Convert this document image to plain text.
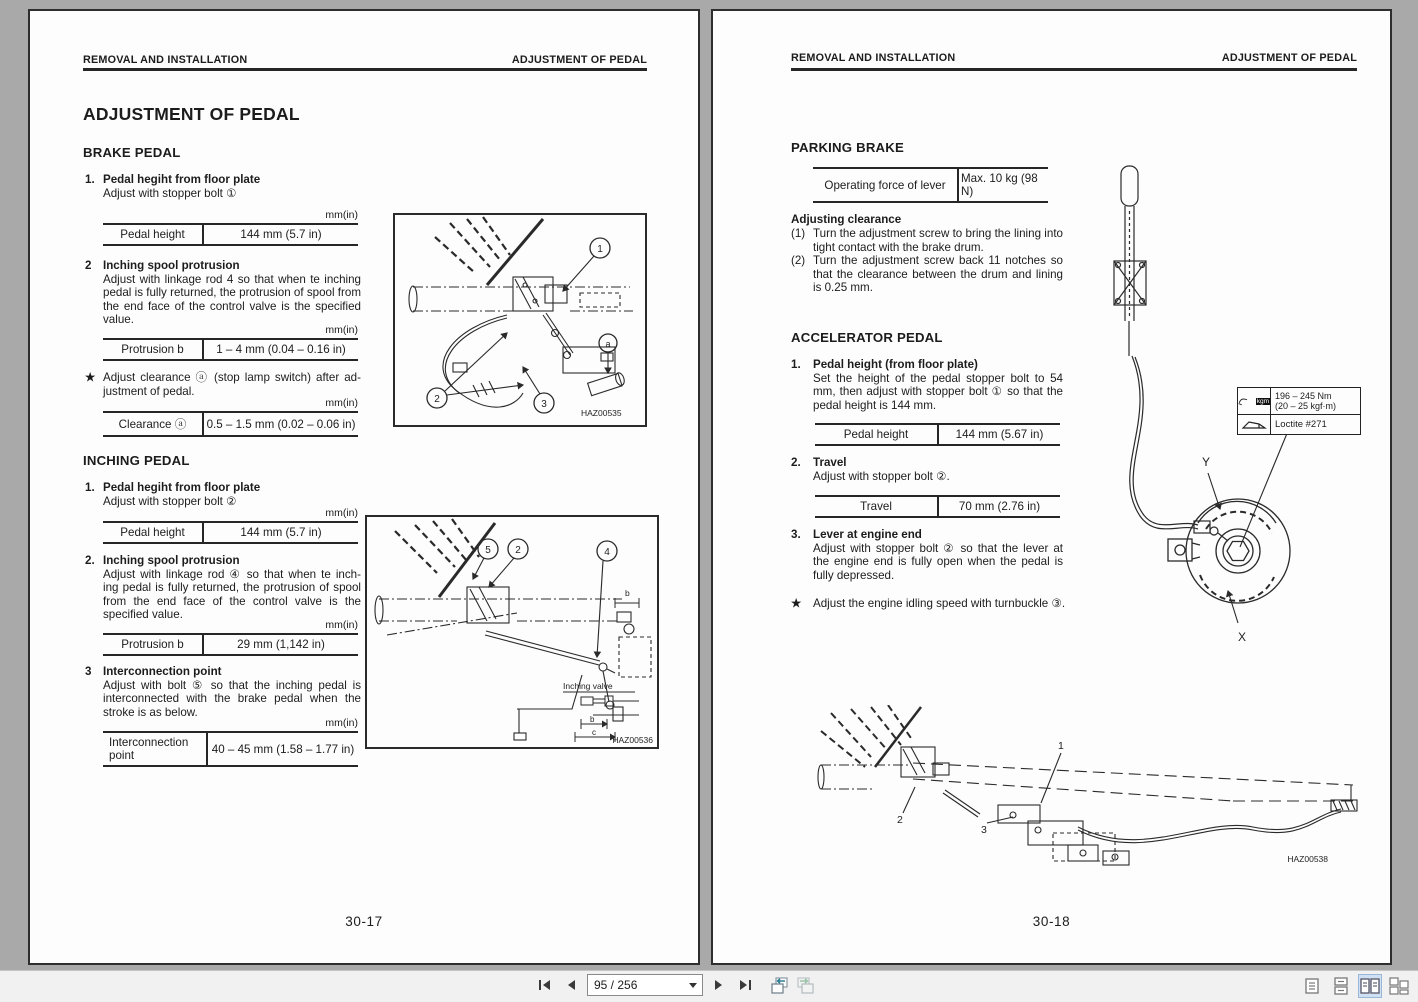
REMOVAL AND INSTALLATION	ADJUSTMENT OF PEDAL
ADJUSTMENT OF PEDAL
BRAKE PEDAL
1. Pedal hegiht from floor plate
Adjust with stopper bolt ①
mm(in)
Pedal height	144 mm (5.7 in)
2 Inching spool protrusion

Adjust with linkage rod 4 so that when te inching pedal is fully returned, the protrusion of spool from the end face of the control valve is the specified value.
mm(in)
Protrusion b	1 – 4 mm (0.04 – 0.16 in)
★ Adjust clearance ⓐ (stop lamp switch) after ad- justment of pedal.
mm(in)
Clearance ⓐ	0.5 – 1.5 mm (0.02 – 0.06 in)
INCHING PEDAL
1. Pedal hegiht from floor plate
Adjust with stopper bolt ②
mm(in)
Pedal height	144 mm (5.7 in)
2. Inching spool protrusion

Adjust with linkage rod ④ so that when te inch- ing pedal is fully returned, the protrusion of spool from the end face of the control valve is the specified value.
mm(in)
Protrusion b	29 mm (1,142 in)
3 Interconnection point

Adjust with bolt ⑤ so that the inching pedal is interconnected with the brake pedal when the stroke is as below.
mm(in)
Interconnection point	40 – 45 mm (1.58 – 1.77 in)
1
2	3
a
HAZ00535
b
5 2	4
Inching valve
b
c
HAZ00536
30-17
REMOVAL AND INSTALLATION	ADJUSTMENT OF PEDAL
PARKING BRAKE
Operating force of lever	Max. 10 kg (98 N)
Adjusting clearance
(1) Turn the adjustment screw to bring the lining into tight contact with the brake drum.
(2) Turn the adjustment screw back 11 notches so that the clearance between the drum and lining is 0.25 mm.
ACCELERATOR PEDAL
1.	Pedal height (from floor plate)

Set the height of the pedal stopper bolt to 54 mm, then adjust with stopper bolt ① so that the pedal height is 144 mm.
Pedal height	144 mm (5.67 in)
2.	Travel
Adjust with stopper bolt ②.
Travel	70 mm (2.76 in)
3.	Lever at engine end

Adjust with stopper bolt ② so that the lever at the engine end is fully open when the pedal is fully depressed.
★ Adjust the engine idling speed with turnbuckle ③.
Y
X
kgm
196 – 245 Nm
(20 – 25 kgf·m)
Loctite #271
1
2
3
HAZ00538
30-18
95 / 256
